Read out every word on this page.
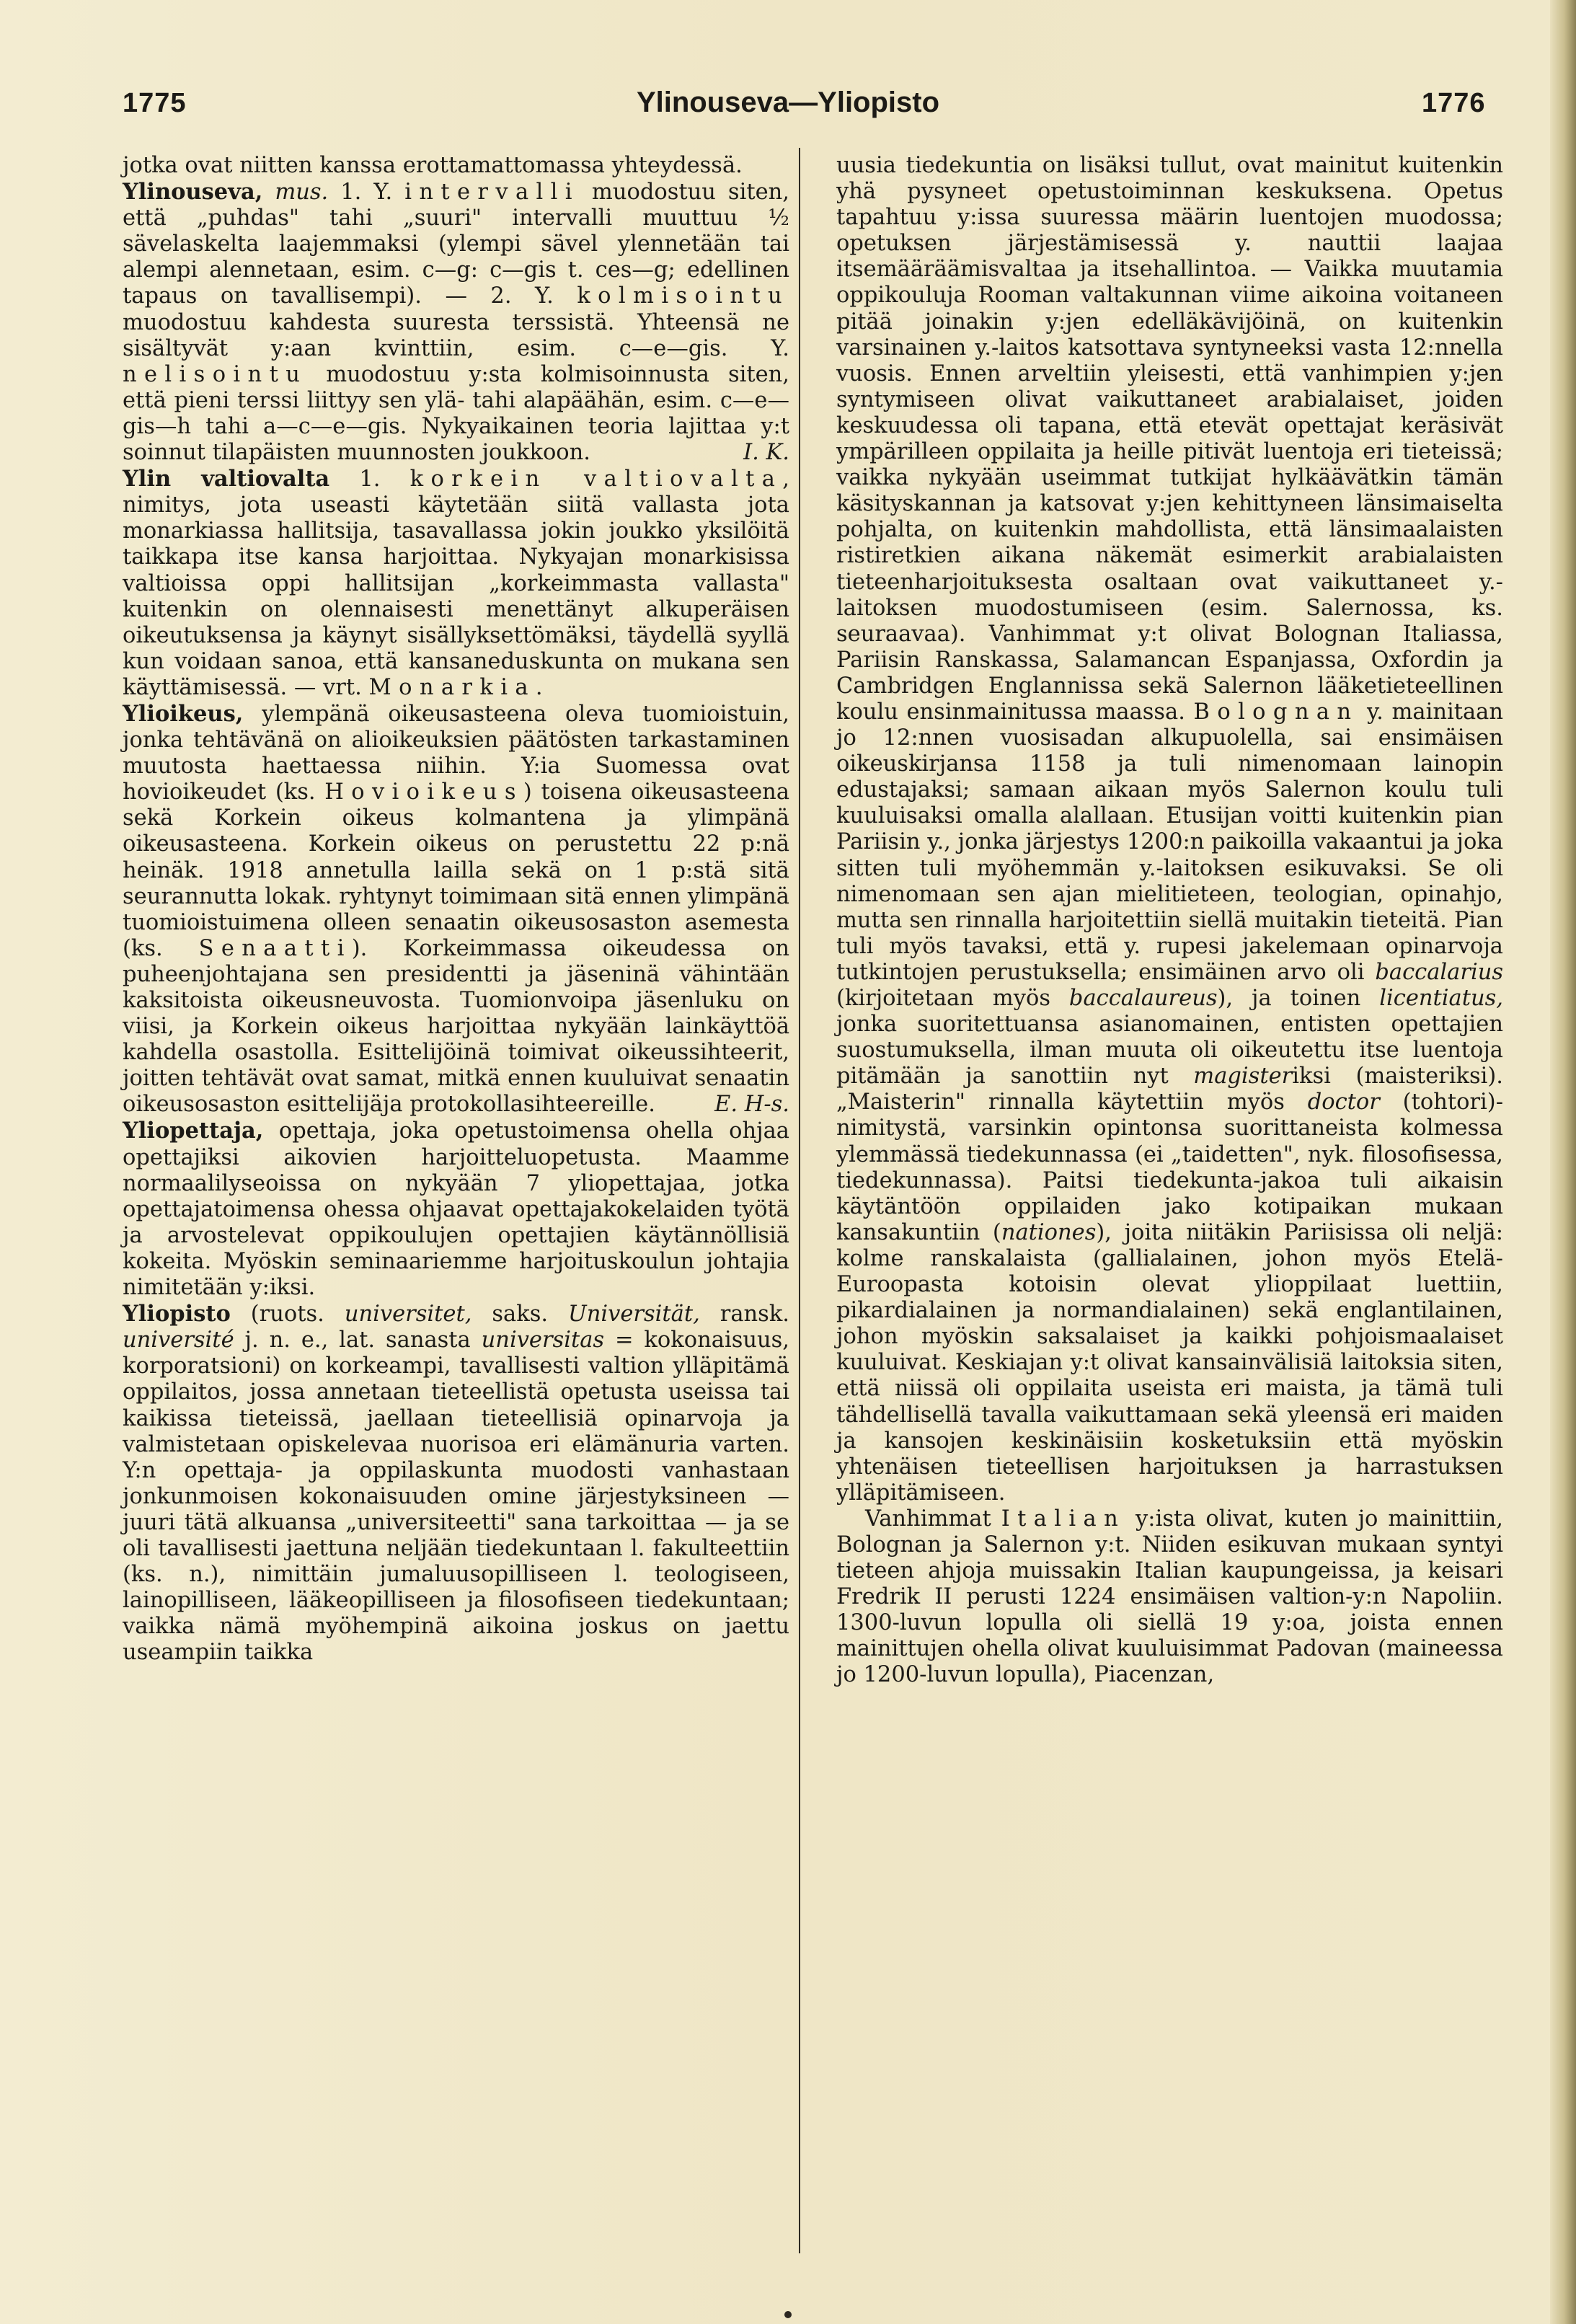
1775	Ylinouseva—Yliopisto	1776

jotka ovat niitten kanssa erottamattomassa yhteydessä.

Ylinouseva, mus. 1. Y. intervalli muodostuu siten, että „puhdas" tahi „suuri" intervalli muuttuu ½ sävelaskelta laajemmaksi (ylempi sävel ylennetään tai alempi alennetaan, esim. c—g: c—gis t. ces—g; edellinen tapaus on tavallisempi). — 2. Y. kolmisointu muodostuu kahdesta suuresta terssistä. Yhteensä ne sisältyvät y:aan kvinttiin, esim. c—e—gis. Y. nelisointu muodostuu y:sta kolmisoinnusta siten, että pieni terssi liittyy sen ylä- tahi alapäähän, esim. c—e—gis—h tahi a—c—e—gis. Nykyaikainen teoria lajittaa y:t soinnut tilapäisten muunnosten joukkoon.	I. K.

Ylin valtiovalta 1. korkein valtiovalta, nimitys, jota useasti käytetään siitä vallasta jota monarkiassa hallitsija, tasavallassa jokin joukko yksilöitä taikkapa itse kansa harjoittaa. Nykyajan monarkisissa valtioissa oppi hallitsijan „korkeimmasta vallasta" kuitenkin on olennaisesti menettänyt alkuperäisen oikeutuksensa ja käynyt sisällyksettömäksi, täydellä syyllä kun voidaan sanoa, että kansaneduskunta on mukana sen käyttämisessä. — vrt. Monarkia.

Ylioikeus, ylempänä oikeusasteena oleva tuomioistuin, jonka tehtävänä on alioikeuksien päätösten tarkastaminen muutosta haettaessa niihin. Y:ia Suomessa ovat hovioikeudet (ks. Hovioikeus) toisena oikeusasteena sekä Korkein oikeus kolmantena ja ylimpänä oikeusasteena. Korkein oikeus on perustettu 22 p:nä heinäk. 1918 annetulla lailla sekä on 1 p:stä sitä seurannutta lokak. ryhtynyt toimimaan sitä ennen ylimpänä tuomioistuimena olleen senaatin oikeusosaston asemesta (ks. Senaatti). Korkeimmassa oikeudessa on puheenjohtajana sen presidentti ja jäseninä vähintään kaksitoista oikeusneuvosta. Tuomionvoipa jäsenluku on viisi, ja Korkein oikeus harjoittaa nykyään lainkäyttöä kahdella osastolla. Esittelijöinä toimivat oikeussihteerit, joitten tehtävät ovat samat, mitkä ennen kuuluivat senaatin oikeusosaston esittelijäja protokollasihteereille.	E. H-s.

Yliopettaja, opettaja, joka opetustoimensa ohella ohjaa opettajiksi aikovien harjoitteluopetusta. Maamme normaalilyseoissa on nykyään 7 yliopettajaa, jotka opettajatoimensa ohessa ohjaavat opettajakokelaiden työtä ja arvostelevat oppikoulujen opettajien käytännöllisiä kokeita. Myöskin seminaariemme harjoituskoulun johtajia nimitetään y:iksi.

Yliopisto (ruots. universitet, saks. Universität, ransk. université j. n. e., lat. sanasta universitas = kokonaisuus, korporatsioni) on korkeampi, tavallisesti valtion ylläpitämä oppilaitos, jossa annetaan tieteellistä opetusta useissa tai kaikissa tieteissä, jaellaan tieteellisiä opinarvoja ja valmistetaan opiskelevaa nuorisoa eri elämänuria varten. Y:n opettaja- ja oppilaskunta muodosti vanhastaan jonkunmoisen kokonaisuuden omine järjestyksineen — juuri tätä alkuansa „universiteetti" sana tarkoittaa — ja se oli tavallisesti jaettuna neljään tiedekuntaan l. fakulteettiin (ks. n.), nimittäin jumaluusopilliseen l. teologiseen, lainopilliseen, lääkeopilliseen ja filosofiseen tiedekuntaan; vaikka nämä myöhempinä aikoina joskus on jaettu useampiin taikka

uusia tiedekuntia on lisäksi tullut, ovat mainitut kuitenkin yhä pysyneet opetustoiminnan keskuksena. Opetus tapahtuu y:issa suuressa määrin luentojen muodossa; opetuksen järjestämisessä y. nauttii laajaa itsemääräämisvaltaa ja itsehallintoa. — Vaikka muutamia oppikouluja Rooman valtakunnan viime aikoina voitaneen pitää joinakin y:jen edelläkävijöinä, on kuitenkin varsinainen y.-laitos katsottava syntyneeksi vasta 12:nnella vuosis. Ennen arveltiin yleisesti, että vanhimpien y:jen syntymiseen olivat vaikuttaneet arabialaiset, joiden keskuudessa oli tapana, että etevät opettajat keräsivät ympärilleen oppilaita ja heille pitivät luentoja eri tieteissä; vaikka nykyään useimmat tutkijat hylkäävätkin tämän käsityskannan ja katsovat y:jen kehittyneen länsimaiselta pohjalta, on kuitenkin mahdollista, että länsimaalaisten ristiretkien aikana näkemät esimerkit arabialaisten tieteenharjoituksesta osaltaan ovat vaikuttaneet y.-laitoksen muodostumiseen (esim. Salernossa, ks. seuraavaa). Vanhimmat y:t olivat Bolognan Italiassa, Pariisin Ranskassa, Salamancan Espanjassa, Oxfordin ja Cambridgen Englannissa sekä Salernon lääketieteellinen koulu ensinmainitussa maassa. Bolognan y. mainitaan jo 12:nnen vuosisadan alkupuolella, sai ensimäisen oikeuskirjansa 1158 ja tuli nimenomaan lainopin edustajaksi; samaan aikaan myös Salernon koulu tuli kuuluisaksi omalla alallaan. Etusijan voitti kuitenkin pian Pariisin y., jonka järjestys 1200:n paikoilla vakaantui ja joka sitten tuli myöhemmän y.-laitoksen esikuvaksi. Se oli nimenomaan sen ajan mielitieteen, teologian, opinahjo, mutta sen rinnalla harjoitettiin siellä muitakin tieteitä. Pian tuli myös tavaksi, että y. rupesi jakelemaan opinarvoja tutkintojen perustuksella; ensimäinen arvo oli baccalarius (kirjoitetaan myös baccalaureus), ja toinen licentiatus, jonka suoritettuansa asianomainen, entisten opettajien suostumuksella, ilman muuta oli oikeutettu itse luentoja pitämään ja sanottiin nyt magisteriksi (maisteriksi). „Maisterin" rinnalla käytettiin myös doctor (tohtori)-nimitystä, varsinkin opintonsa suorittaneista kolmessa ylemmässä tiedekunnassa (ei „taidetten", nyk. filosofisessa, tiedekunnassa). Paitsi tiedekunta-jakoa tuli aikaisin käytäntöön oppilaiden jako kotipaikan mukaan kansakuntiin (nationes), joita niitäkin Pariisissa oli neljä: kolme ranskalaista (gallialainen, johon myös Etelä-Euroopasta kotoisin olevat ylioppilaat luettiin, pikardialainen ja normandialainen) sekä englantilainen, johon myöskin saksalaiset ja kaikki pohjoismaalaiset kuuluivat. Keskiajan y:t olivat kansainvälisiä laitoksia siten, että niissä oli oppilaita useista eri maista, ja tämä tuli tähdellisellä tavalla vaikuttamaan sekä yleensä eri maiden ja kansojen keskinäisiin kosketuksiin että myöskin yhtenäisen tieteellisen harjoituksen ja harrastuksen ylläpitämiseen.

Vanhimmat Italian y:ista olivat, kuten jo mainittiin, Bolognan ja Salernon y:t. Niiden esikuvan mukaan syntyi tieteen ahjoja muissakin Italian kaupungeissa, ja keisari Fredrik II perusti 1224 ensimäisen valtion-y:n Napoliin. 1300-luvun lopulla oli siellä 19 y:oa, joista ennen mainittujen ohella olivat kuuluisimmat Padovan (maineessa jo 1200-luvun lopulla), Piacenzan,
